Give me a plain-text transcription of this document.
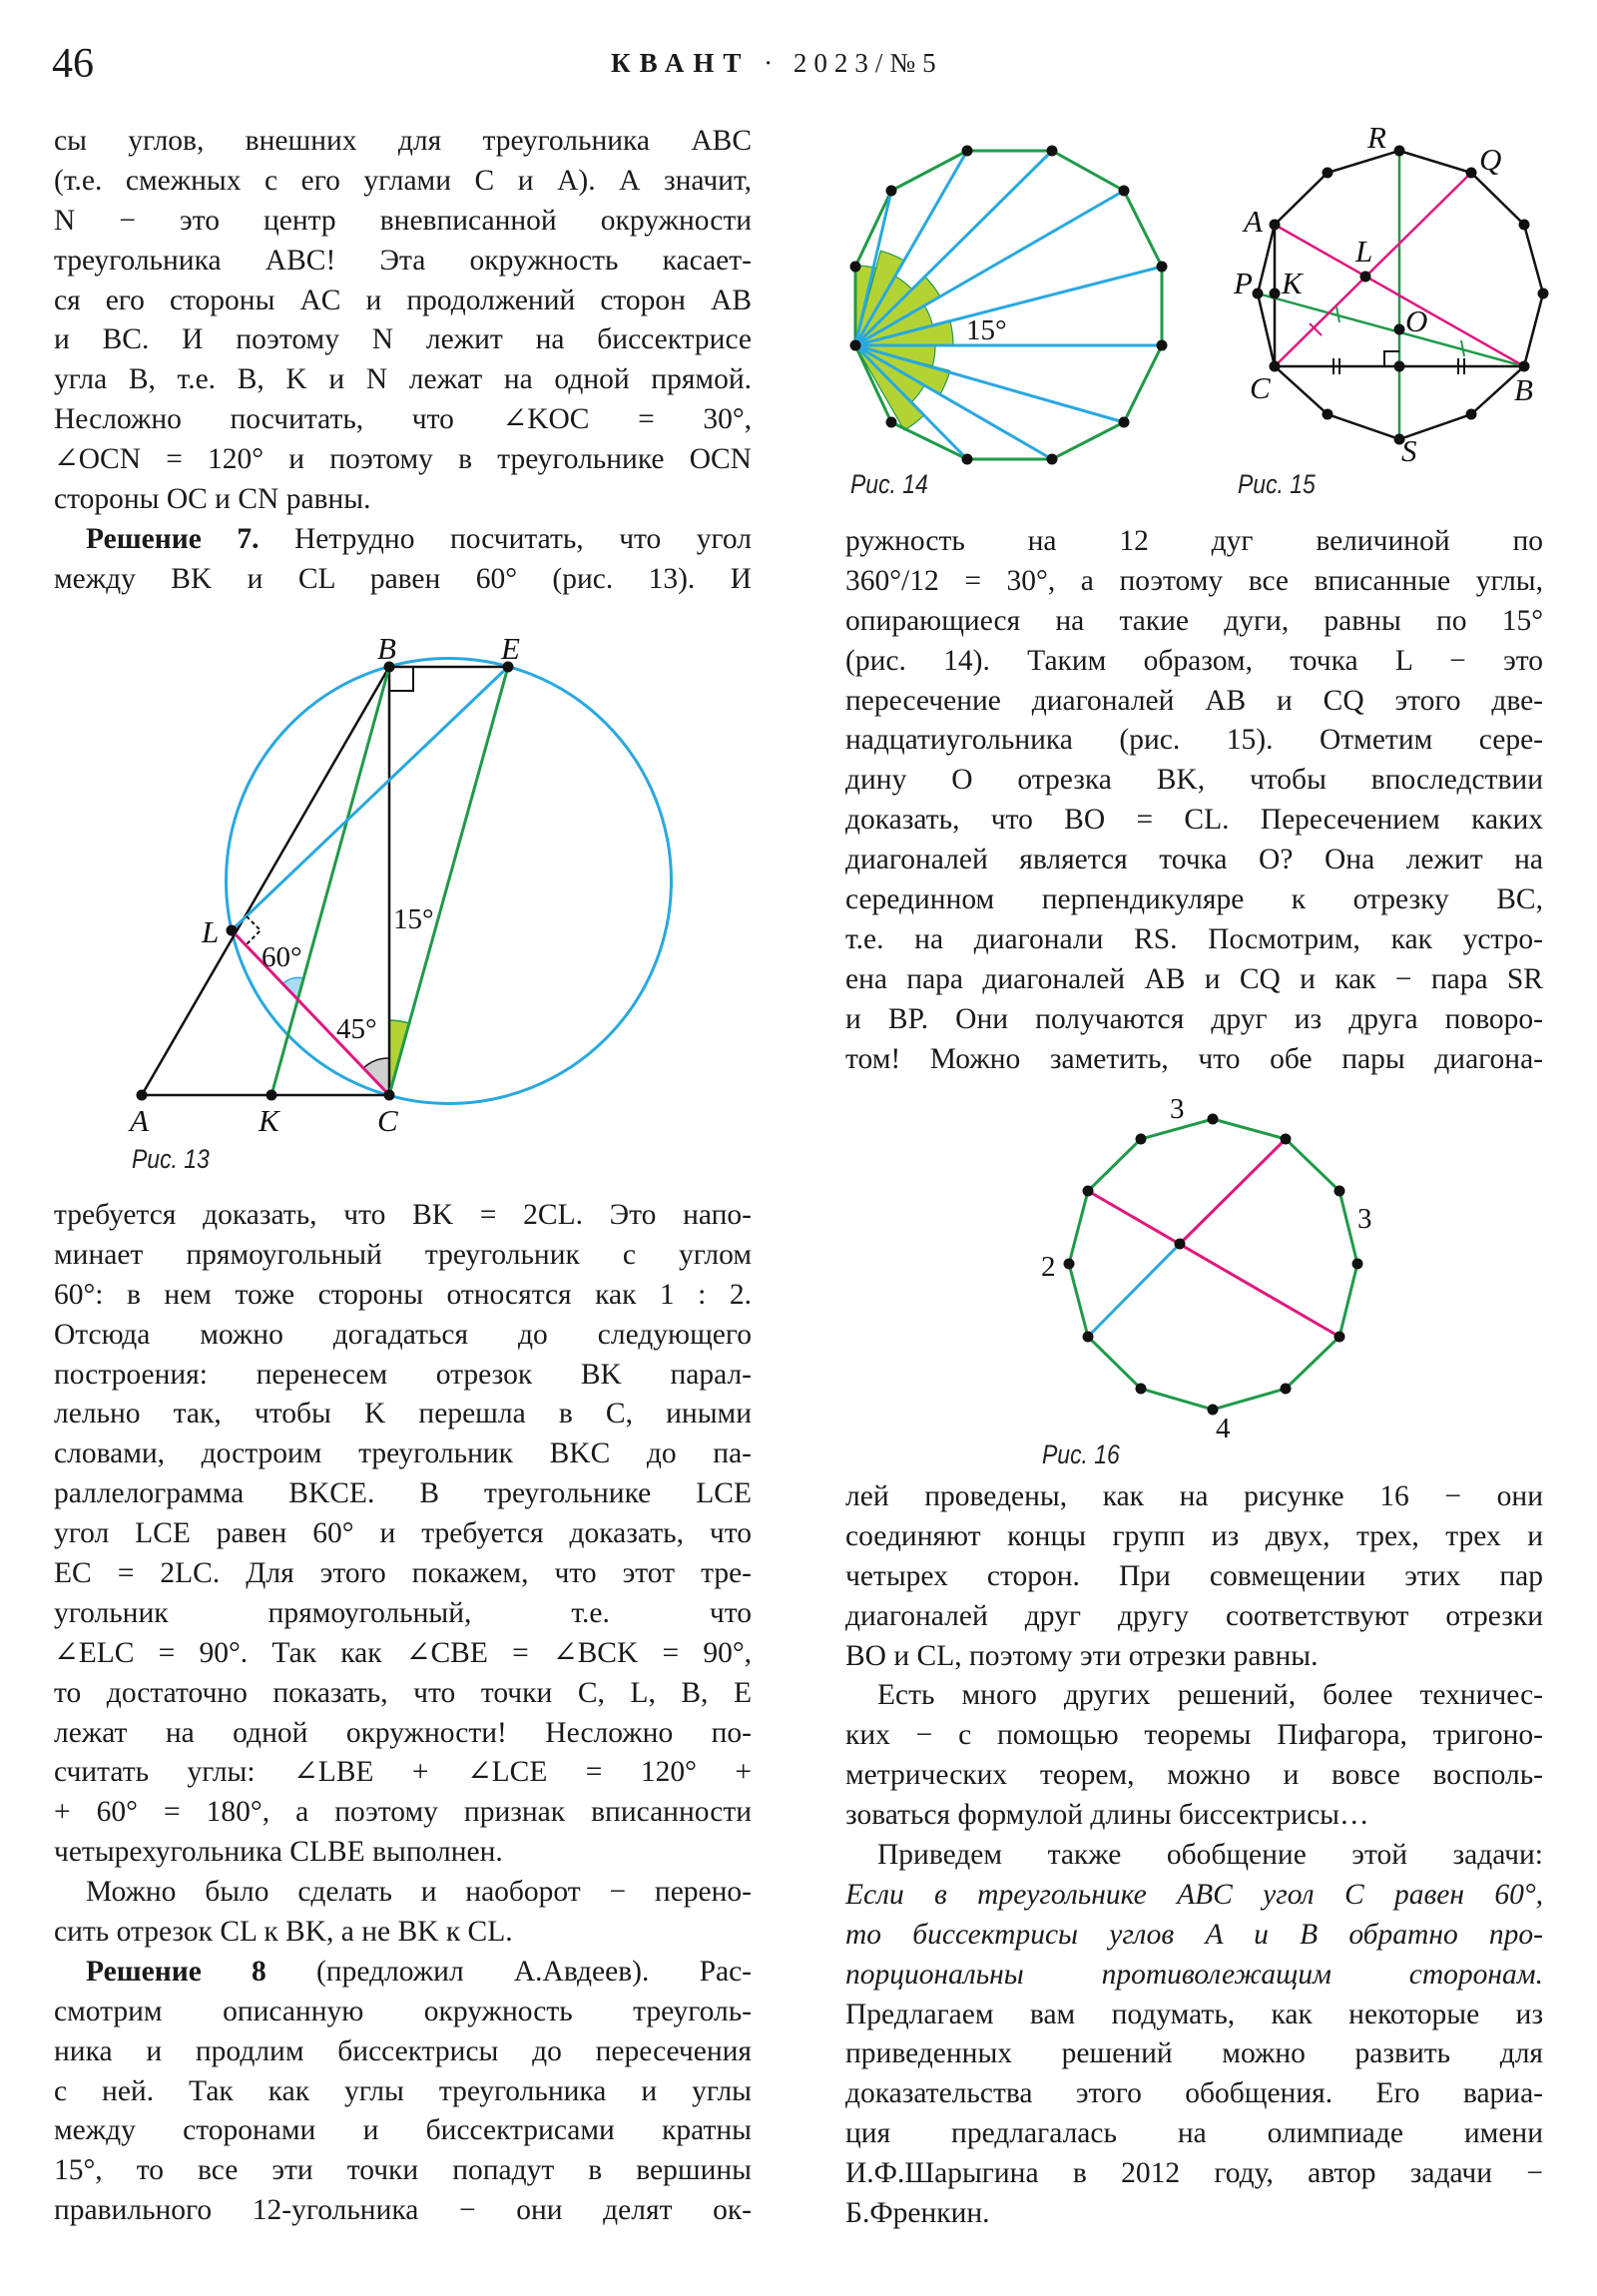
46	КВАНТ · 2023/№5
сы углов, внешних для треугольника ABC
(т.е. смежных с его углами C и A). А значит,
N − это центр вневписанной окружности
треугольника ABC! Эта окружность касает-
ся его стороны AC и продолжений сторон AB
и BC. И поэтому N лежит на биссектрисе
угла B, т.е. B, K и N лежат на одной прямой.
Несложно посчитать, что ∠KOC = 30°,
∠OCN = 120° и поэтому в треугольнике OCN
стороны OC и CN равны.
Решение 7. Нетрудно посчитать, что угол
между BK и CL равен 60° (рис. 13). И
требуется доказать, что BK = 2CL. Это напо-
минает прямоугольный треугольник с углом
60°: в нем тоже стороны относятся как 1 : 2.
Отсюда можно догадаться до следующего
построения: перенесем отрезок BK парал-
лельно так, чтобы K перешла в C, иными
словами, достроим треугольник BKC до па-
раллелограмма BKCE. В треугольнике LCE
угол LCE равен 60° и требуется доказать, что
EC = 2LC. Для этого покажем, что этот тре-
угольник прямоугольный, т.е. что
∠ELC = 90°. Так как ∠CBE = ∠BCK = 90°,
то достаточно показать, что точки C, L, B, E
лежат на одной окружности! Несложно по-
считать углы: ∠LBE + ∠LCE = 120° +
+ 60° = 180°, а поэтому признак вписанности
четырехугольника CLBE выполнен.
Можно было сделать и наоборот − перено-
сить отрезок CL к BK, а не BK к CL.
Решение 8 (предложил А.Авдеев). Рас-
смотрим описанную окружность треуголь-
ника и продлим биссектрисы до пересечения
с ней. Так как углы треугольника и углы
между сторонами и биссектрисами кратны
15°, то все эти точки попадут в вершины
правильного 12-угольника − они делят ок-
ружность на 12 дуг величиной по
360°/12 = 30°, а поэтому все вписанные углы,
опирающиеся на такие дуги, равны по 15°
(рис. 14). Таким образом, точка L − это
пересечение диагоналей AB и CQ этого две-
надцатиугольника (рис. 15). Отметим сере-
дину O отрезка BK, чтобы впоследствии
доказать, что BO = CL. Пересечением каких
диагоналей является точка O? Она лежит на
серединном перпендикуляре к отрезку BC,
т.е. на диагонали RS. Посмотрим, как устро-
ена пара диагоналей AB и CQ и как − пара SR
и BP. Они получаются друг из друга поворо-
том! Можно заметить, что обе пары диагона-
лей проведены, как на рисунке 16 − они
соединяют концы групп из двух, трех, трех и
четырех сторон. При совмещении этих пар
диагоналей друг другу соответствуют отрезки
BO и CL, поэтому эти отрезки равны.
Есть много других решений, более техничес-
ких − с помощью теоремы Пифагора, тригоно-
метрических теорем, можно и вовсе восполь-
зоваться формулой длины биссектрисы…
Приведем также обобщение этой задачи:
Если в треугольнике ABC угол C равен 60°,
то биссектрисы углов A и B обратно про-
порциональны противолежащим сторонам.
Предлагаем вам подумать, как некоторые из
приведенных решений можно развить для
доказательства этого обобщения. Его вариа-
ция предлагалась на олимпиаде имени
И.Ф.Шарыгина в 2012 году, автор задачи −
Б.Френкин.
Рис. 13
Рис. 14	Рис. 15
Рис. 16
B	E
A	K	C
L
60°
15°
45°
15°
R
Q
A
L
P K
O
C	B
S
3
3
2
4
